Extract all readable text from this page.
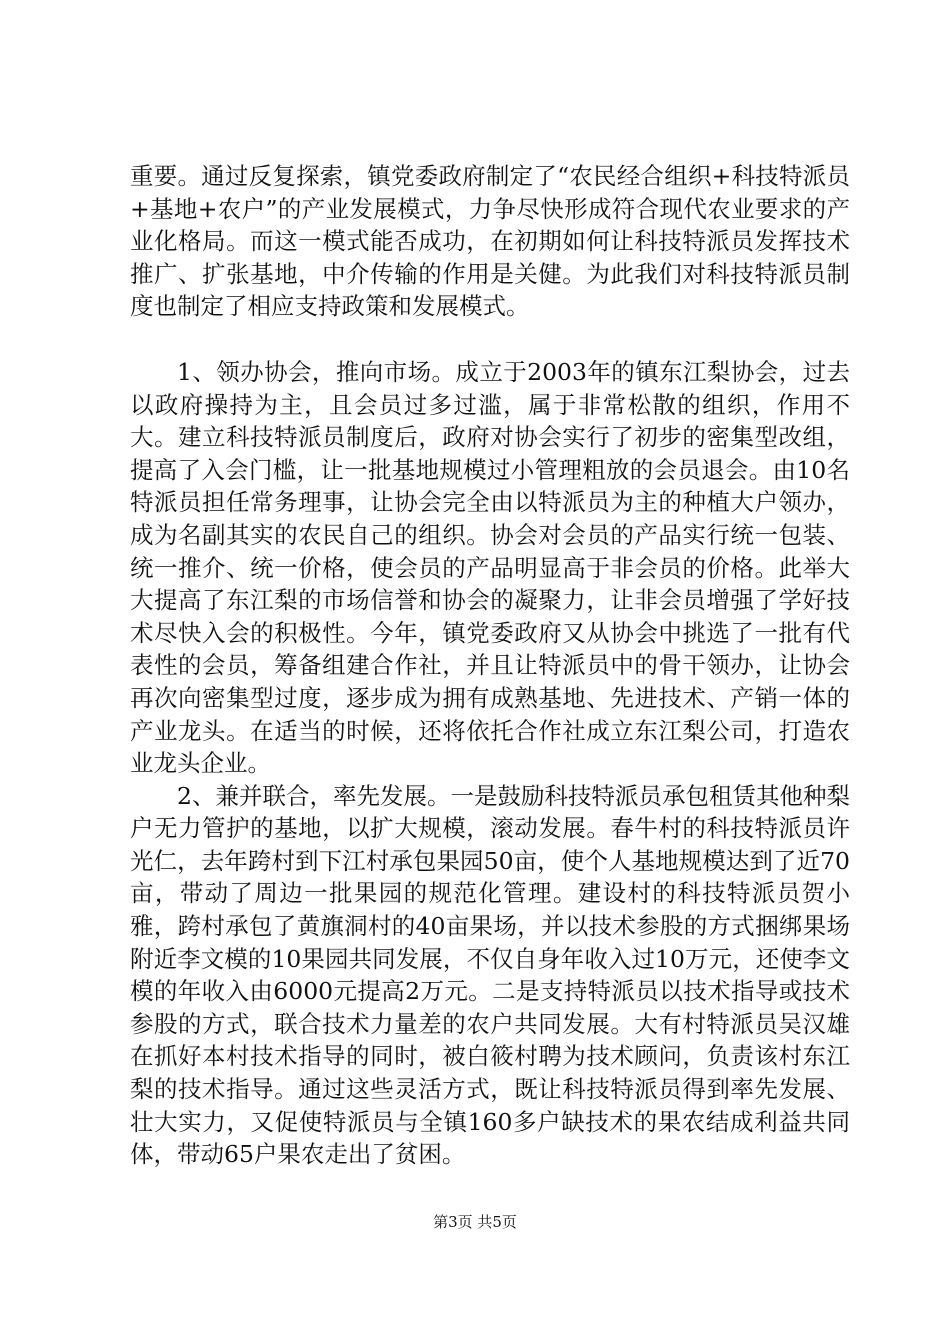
重要。通过反复探索，镇党委政府制定了“农民经合组织+科技特派员+基地+农户”的产业发展模式，力争尽快形成符合现代农业要求的产业化格局。而这一模式能否成功，在初期如何让科技特派员发挥技术推广、扩张基地，中介传输的作用是关健。为此我们对科技特派员制度也制定了相应支持政策和发展模式。

1、领办协会，推向市场。成立于2003年的镇东江梨协会，过去以政府操持为主，且会员过多过滥，属于非常松散的组织，作用不大。建立科技特派员制度后，政府对协会实行了初步的密集型改组，提高了入会门槛，让一批基地规模过小管理粗放的会员退会。由10名特派员担任常务理事，让协会完全由以特派员为主的种植大户领办，成为名副其实的农民自己的组织。协会对会员的产品实行统一包装、统一推介、统一价格，使会员的产品明显高于非会员的价格。此举大大提高了东江梨的市场信誉和协会的凝聚力，让非会员增强了学好技术尽快入会的积极性。今年，镇党委政府又从协会中挑选了一批有代表性的会员，筹备组建合作社，并且让特派员中的骨干领办，让协会再次向密集型过度，逐步成为拥有成熟基地、先进技术、产销一体的产业龙头。在适当的时候，还将依托合作社成立东江梨公司，打造农业龙头企业。

2、兼并联合，率先发展。一是鼓励科技特派员承包租赁其他种梨户无力管护的基地，以扩大规模，滚动发展。春牛村的科技特派员许光仁，去年跨村到下江村承包果园50亩，使个人基地规模达到了近70亩，带动了周边一批果园的规范化管理。建设村的科技特派员贺小雅，跨村承包了黄旗洞村的40亩果场，并以技术参股的方式捆绑果场附近李文模的10果园共同发展，不仅自身年收入过10万元，还使李文模的年收入由6000元提高2万元。二是支持特派员以技术指导或技术参股的方式，联合技术力量差的农户共同发展。大有村特派员吴汉雄在抓好本村技术指导的同时，被白筱村聘为技术顾问，负责该村东江梨的技术指导。通过这些灵活方式，既让科技特派员得到率先发展、壮大实力，又促使特派员与全镇160多户缺技术的果农结成利益共同体，带动65户果农走出了贫困。

第3页 共5页
